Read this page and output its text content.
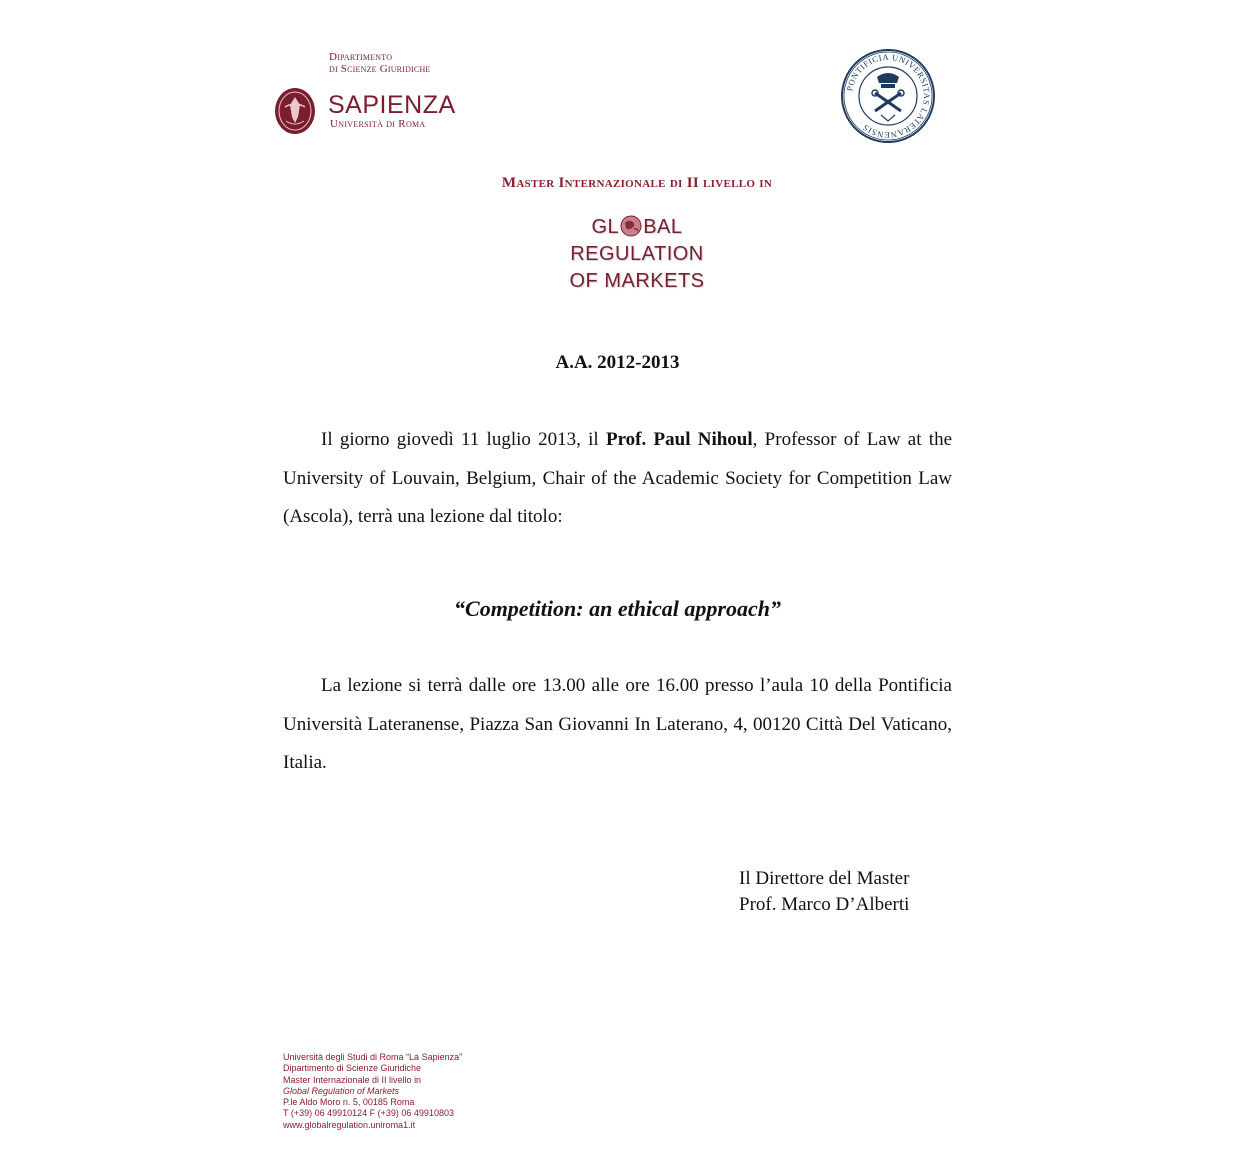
Dipartimento
di Scienze Giuridiche
SAPIENZA
Università di Roma
PONTIFICIA UNIVERSITAS LATERANENSIS
Master Internazionale di II livello in
GL BAL
REGULATION
OF MARKETS
A.A. 2012-2013
Il giorno giovedì 11 luglio 2013, il Prof. Paul Nihoul, Professor of Law at the University of Louvain, Belgium, Chair of the Academic Society for Competition Law (Ascola), terrà una lezione dal titolo:
“Competition: an ethical approach”
La lezione si terrà dalle ore 13.00 alle ore 16.00 presso l’aula 10 della Pontificia Università Lateranense, Piazza San Giovanni In Laterano, 4, 00120 Città Del Vaticano, Italia.
Il Direttore del Master
Prof. Marco D’Alberti
Università degli Studi di Roma “La Sapienza”
Dipartimento di Scienze Giuridiche
Master Internazionale di II livello in
Global Regulation of Markets
P.le Aldo Moro n. 5, 00185 Roma
T (+39) 06 49910124 F (+39) 06 49910803
www.globalregulation.uniroma1.it
